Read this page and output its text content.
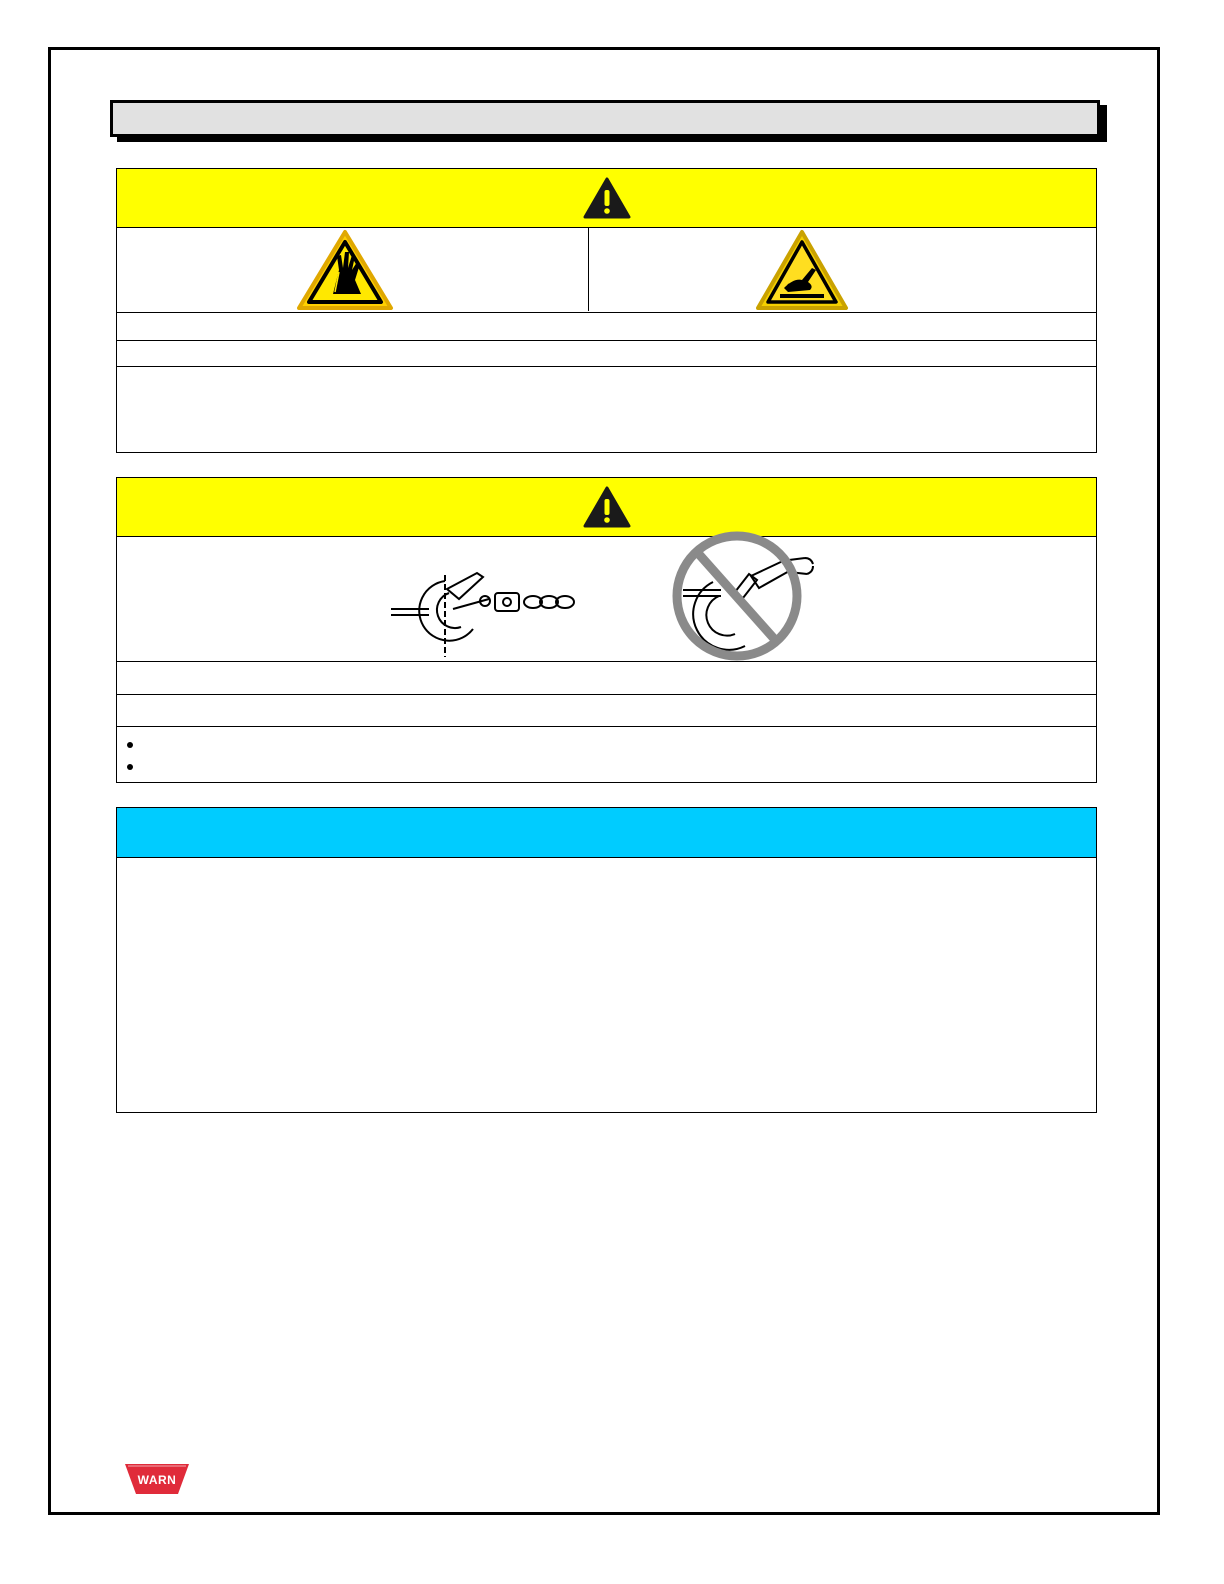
WARN
